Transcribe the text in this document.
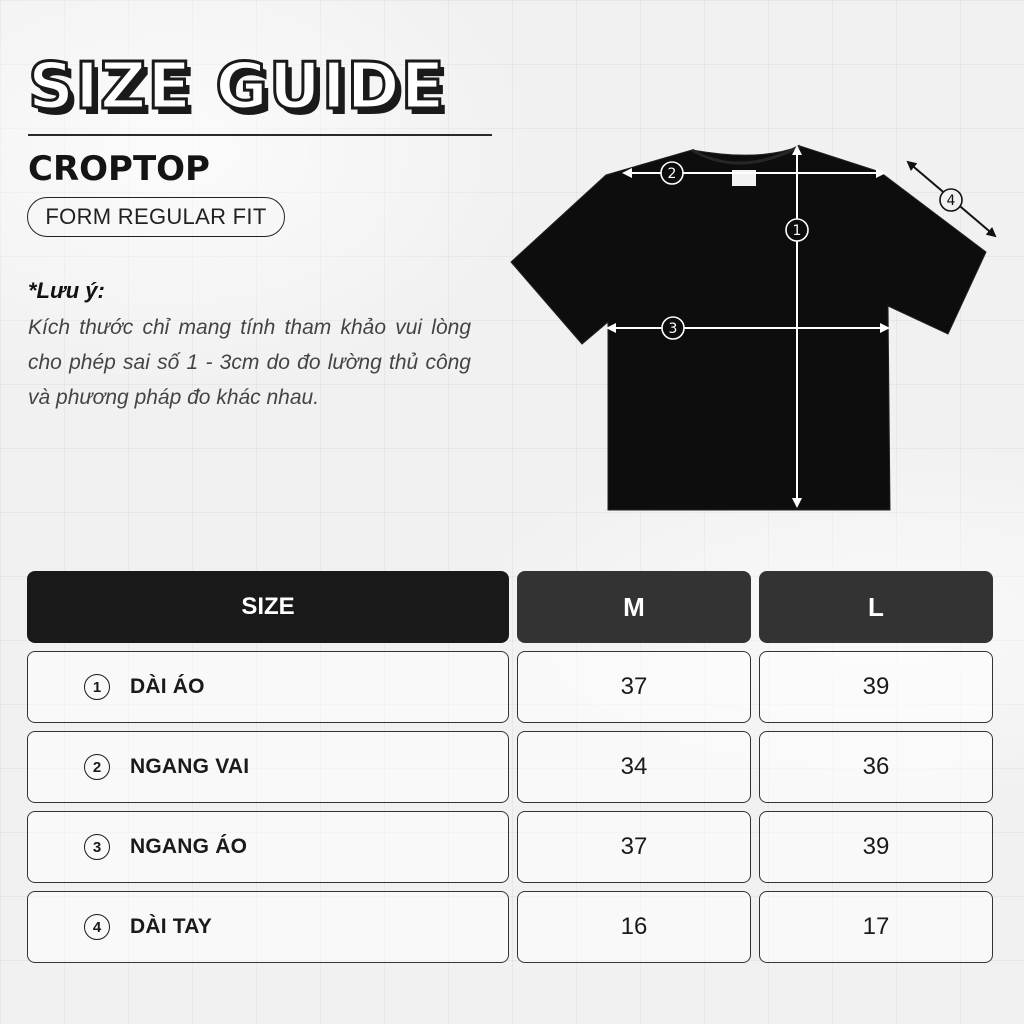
SIZE GUIDE
CROPTOP
FORM REGULAR FIT

*Lưu ý:

Kích thước chỉ mang tính tham khảo vui lòng cho phép sai số 1 - 3cm do đo lường thủ công và phương pháp đo khác nhau.

1
2
3
4
SIZE	M	L
1	DÀI ÁO	37	39
2	NGANG VAI	34	36
3	NGANG ÁO	37	39
4	DÀI TAY	16	17
